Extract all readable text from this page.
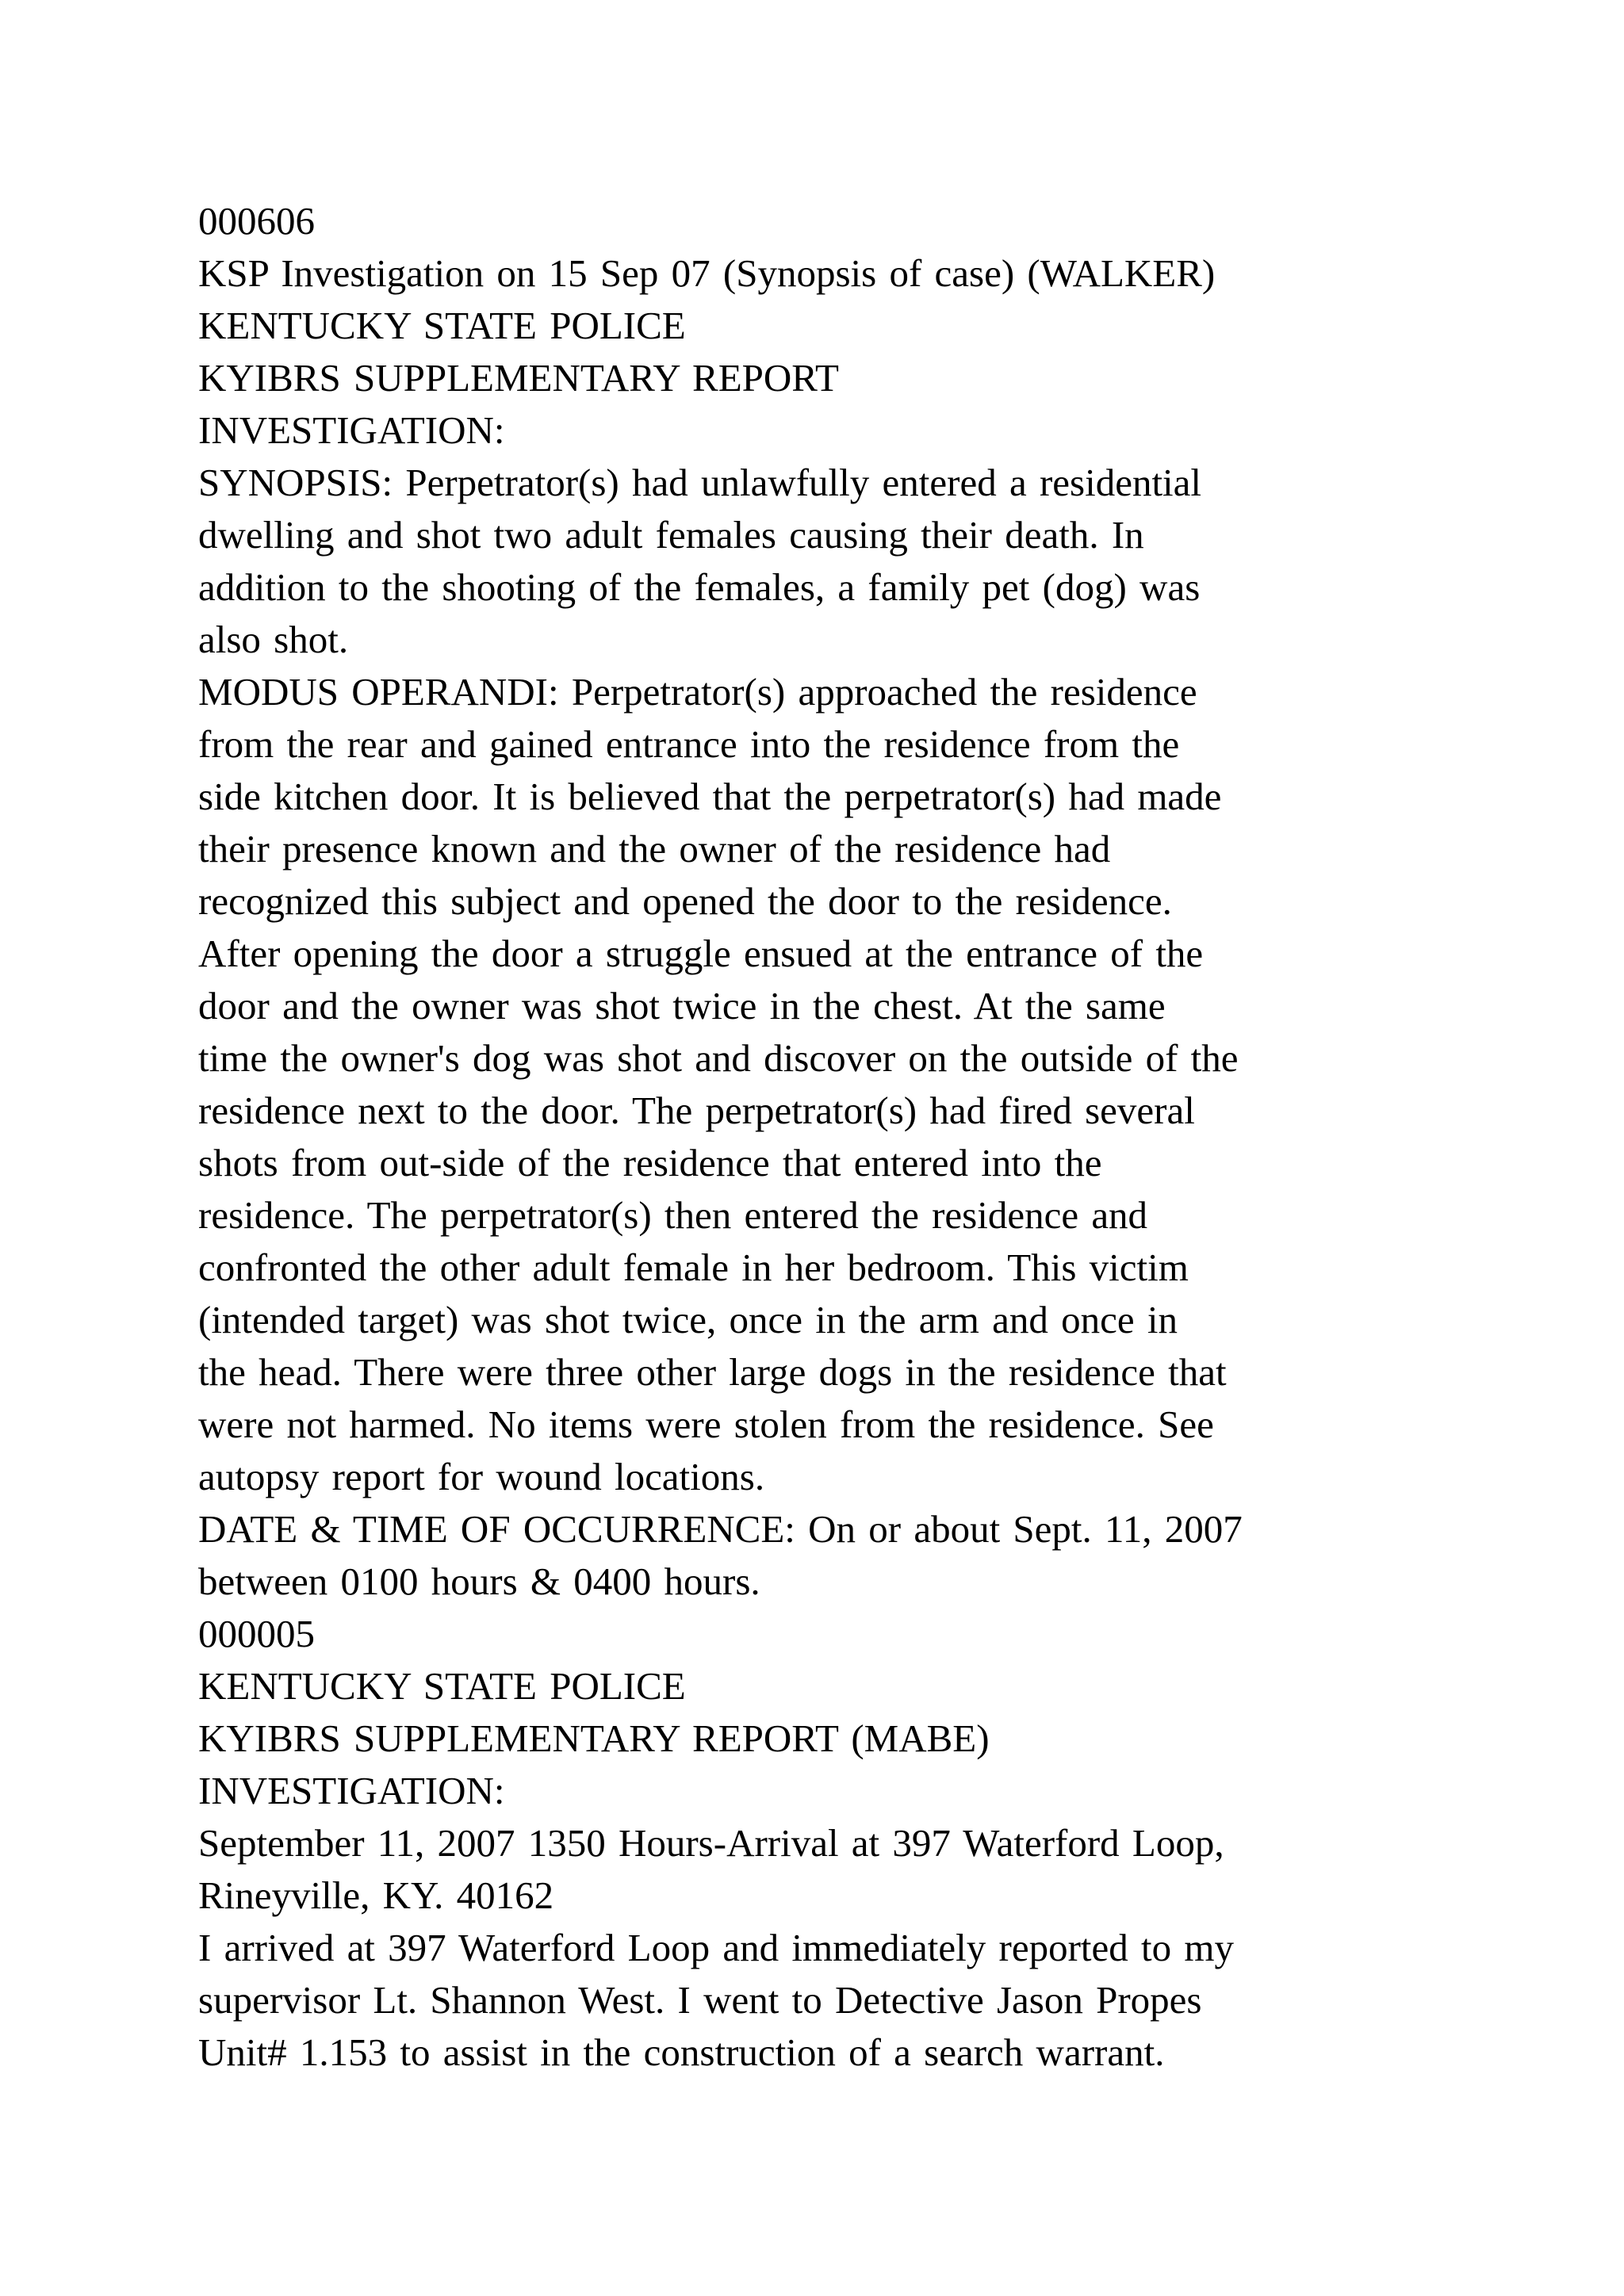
000606
KSP Investigation on 15 Sep 07 (Synopsis of case) (WALKER)
KENTUCKY STATE POLICE
KYIBRS SUPPLEMENTARY REPORT
INVESTIGATION:
SYNOPSIS: Perpetrator(s) had unlawfully entered a residential
dwelling and shot two adult females causing their death. In
addition to the shooting of the females, a family pet (dog) was
also shot.
MODUS OPERANDI: Perpetrator(s) approached the residence
from the rear and gained entrance into the residence from the
side kitchen door. It is believed that the perpetrator(s) had made
their presence known and the owner of the residence had
recognized this subject and opened the door to the residence.
After opening the door a struggle ensued at the entrance of the
door and the owner was shot twice in the chest. At the same
time the owner's dog was shot and discover on the outside of the
residence next to the door. The perpetrator(s) had fired several
shots from out-side of the residence that entered into the
residence. The perpetrator(s) then entered the residence and
confronted the other adult female in her bedroom. This victim
(intended target) was shot twice, once in the arm and once in
the head. There were three other large dogs in the residence that
were not harmed. No items were stolen from the residence. See
autopsy report for wound locations.
DATE & TIME OF OCCURRENCE: On or about Sept. 11, 2007
between 0100 hours & 0400 hours.
000005
KENTUCKY STATE POLICE
KYIBRS SUPPLEMENTARY REPORT (MABE)
INVESTIGATION:
September 11, 2007 1350 Hours-Arrival at 397 Waterford Loop,
Rineyville, KY. 40162
I arrived at 397 Waterford Loop and immediately reported to my
supervisor Lt. Shannon West. I went to Detective Jason Propes
Unit# 1.153 to assist in the construction of a search warrant.
